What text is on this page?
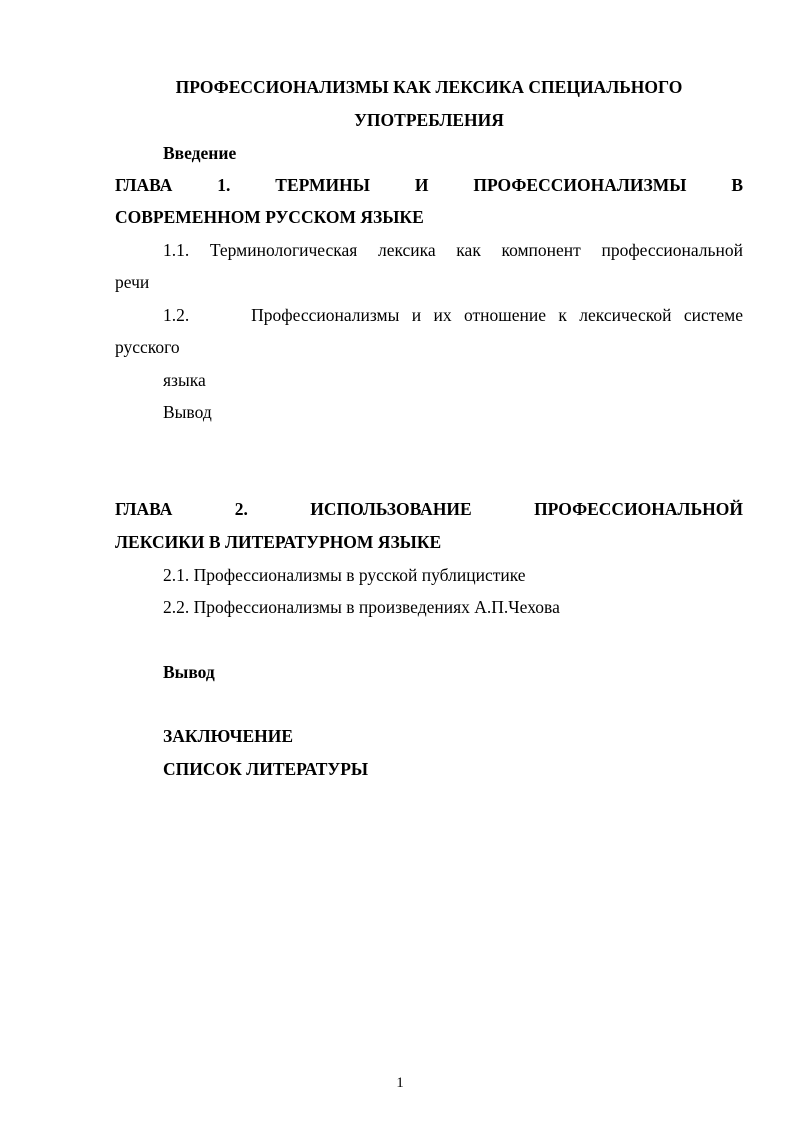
ПРОФЕССИОНАЛИЗМЫ КАК ЛЕКСИКА СПЕЦИАЛЬНОГО
УПОТРЕБЛЕНИЯ
Введение
ГЛАВА 1. ТЕРМИНЫ И ПРОФЕССИОНАЛИЗМЫ В
СОВРЕМЕННОМ РУССКОМ ЯЗЫКЕ
1.1. Терминологическая лексика как компонент профессиональной
речи
1.2.     Профессионализмы и их отношение к лексической системе
русского
языка
Вывод
ГЛАВА 2. ИСПОЛЬЗОВАНИЕ ПРОФЕССИОНАЛЬНОЙ
ЛЕКСИКИ В ЛИТЕРАТУРНОМ ЯЗЫКЕ
2.1. Профессионализмы в русской публицистике
2.2. Профессионализмы в произведениях А.П.Чехова
Вывод
ЗАКЛЮЧЕНИЕ
СПИСОК ЛИТЕРАТУРЫ
1
